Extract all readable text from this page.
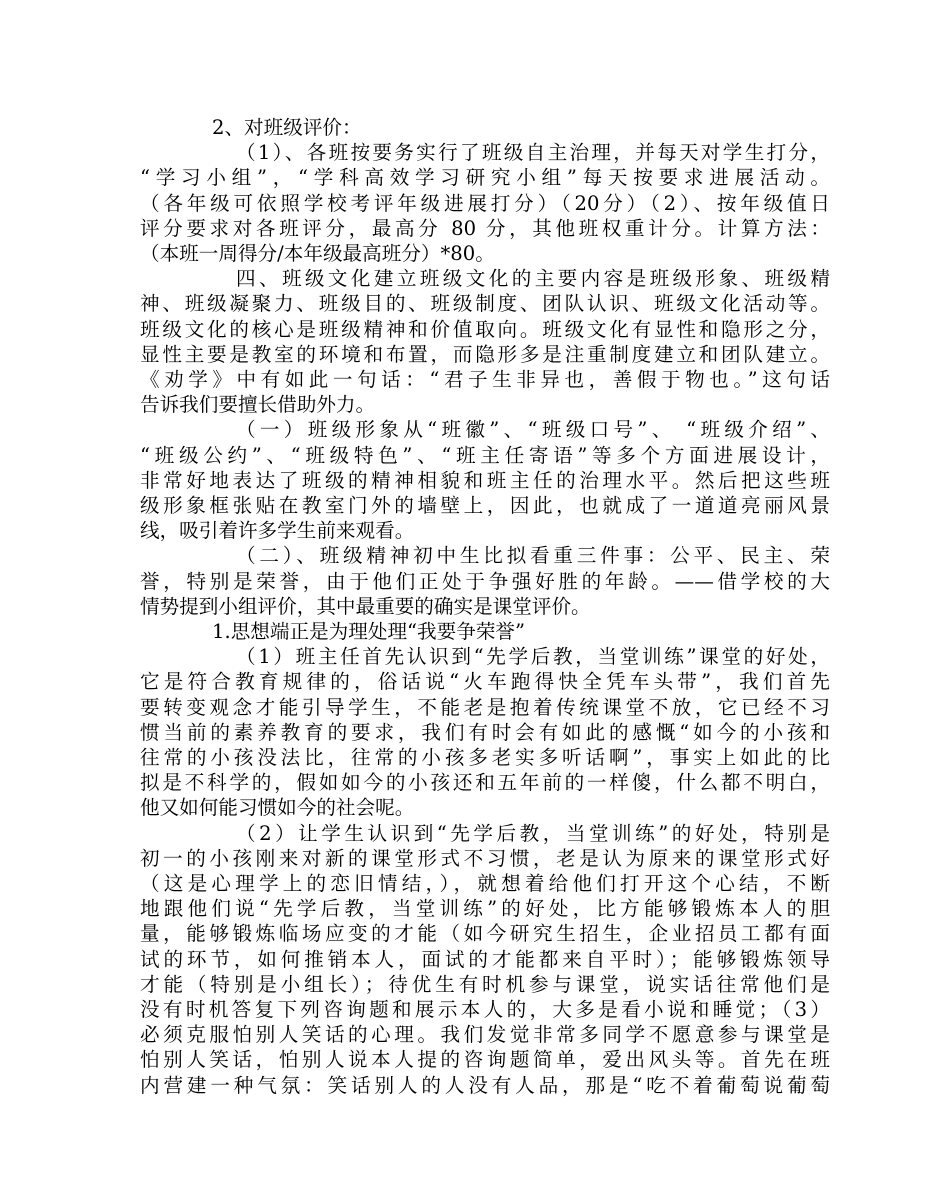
2、对班级评价：
（1）、各班按要务实行了班级自主治理，并每天对学生打分，
“学习小组”，“学科高效学习研究小组”每天按要求进展活动。
（各年级可依照学校考评年级进展打分）（20分）（2）、按年级值日
评分要求对各班评分，最高分 80 分，其他班权重计分。计算方法：
（本班一周得分/本年级最高班分）*80。
四、班级文化建立班级文化的主要内容是班级形象、班级精
神、班级凝聚力、班级目的、班级制度、团队认识、班级文化活动等。
班级文化的核心是班级精神和价值取向。班级文化有显性和隐形之分，
显性主要是教室的环境和布置，而隐形多是注重制度建立和团队建立。
《劝学》中有如此一句话：“君子生非异也，善假于物也。”这句话
告诉我们要擅长借助外力。
（一）班级形象从“班徽”、“班级口号”、 “班级介绍”、
“班级公约”、“班级特色”、“班主任寄语”等多个方面进展设计，
非常好地表达了班级的精神相貌和班主任的治理水平。然后把这些班
级形象框张贴在教室门外的墙壁上，因此，也就成了一道道亮丽风景
线，吸引着许多学生前来观看。
（二）、班级精神初中生比拟看重三件事：公平、民主、荣
誉，特别是荣誉，由于他们正处于争强好胜的年龄。——借学校的大
情势提到小组评价，其中最重要的确实是课堂评价。
1.思想端正是为理处理“我要争荣誉”
（1）班主任首先认识到“先学后教，当堂训练”课堂的好处，
它是符合教育规律的，俗话说“火车跑得快全凭车头带”，我们首先
要转变观念才能引导学生，不能老是抱着传统课堂不放，它已经不习
惯当前的素养教育的要求，我们有时会有如此的感慨“如今的小孩和
往常的小孩没法比，往常的小孩多老实多听话啊”，事实上如此的比
拟是不科学的，假如如今的小孩还和五年前的一样傻，什么都不明白，
他又如何能习惯如今的社会呢。
（2）让学生认识到“先学后教，当堂训练”的好处，特别是
初一的小孩刚来对新的课堂形式不习惯，老是认为原来的课堂形式好
（这是心理学上的恋旧情结，），就想着给他们打开这个心结，不断
地跟他们说“先学后教，当堂训练”的好处，比方能够锻炼本人的胆
量，能够锻炼临场应变的才能（如今研究生招生，企业招员工都有面
试的环节，如何推销本人，面试的才能都来自平时）；能够锻炼领导
才能（特别是小组长）；待优生有时机参与课堂，说实话往常他们是
没有时机答复下列咨询题和展示本人的，大多是看小说和睡觉；（3）
必须克服怕别人笑话的心理。我们发觉非常多同学不愿意参与课堂是
怕别人笑话，怕别人说本人提的咨询题简单，爱出风头等。首先在班
内营建一种气氛：笑话别人的人没有人品，那是“吃不着葡萄说葡萄
